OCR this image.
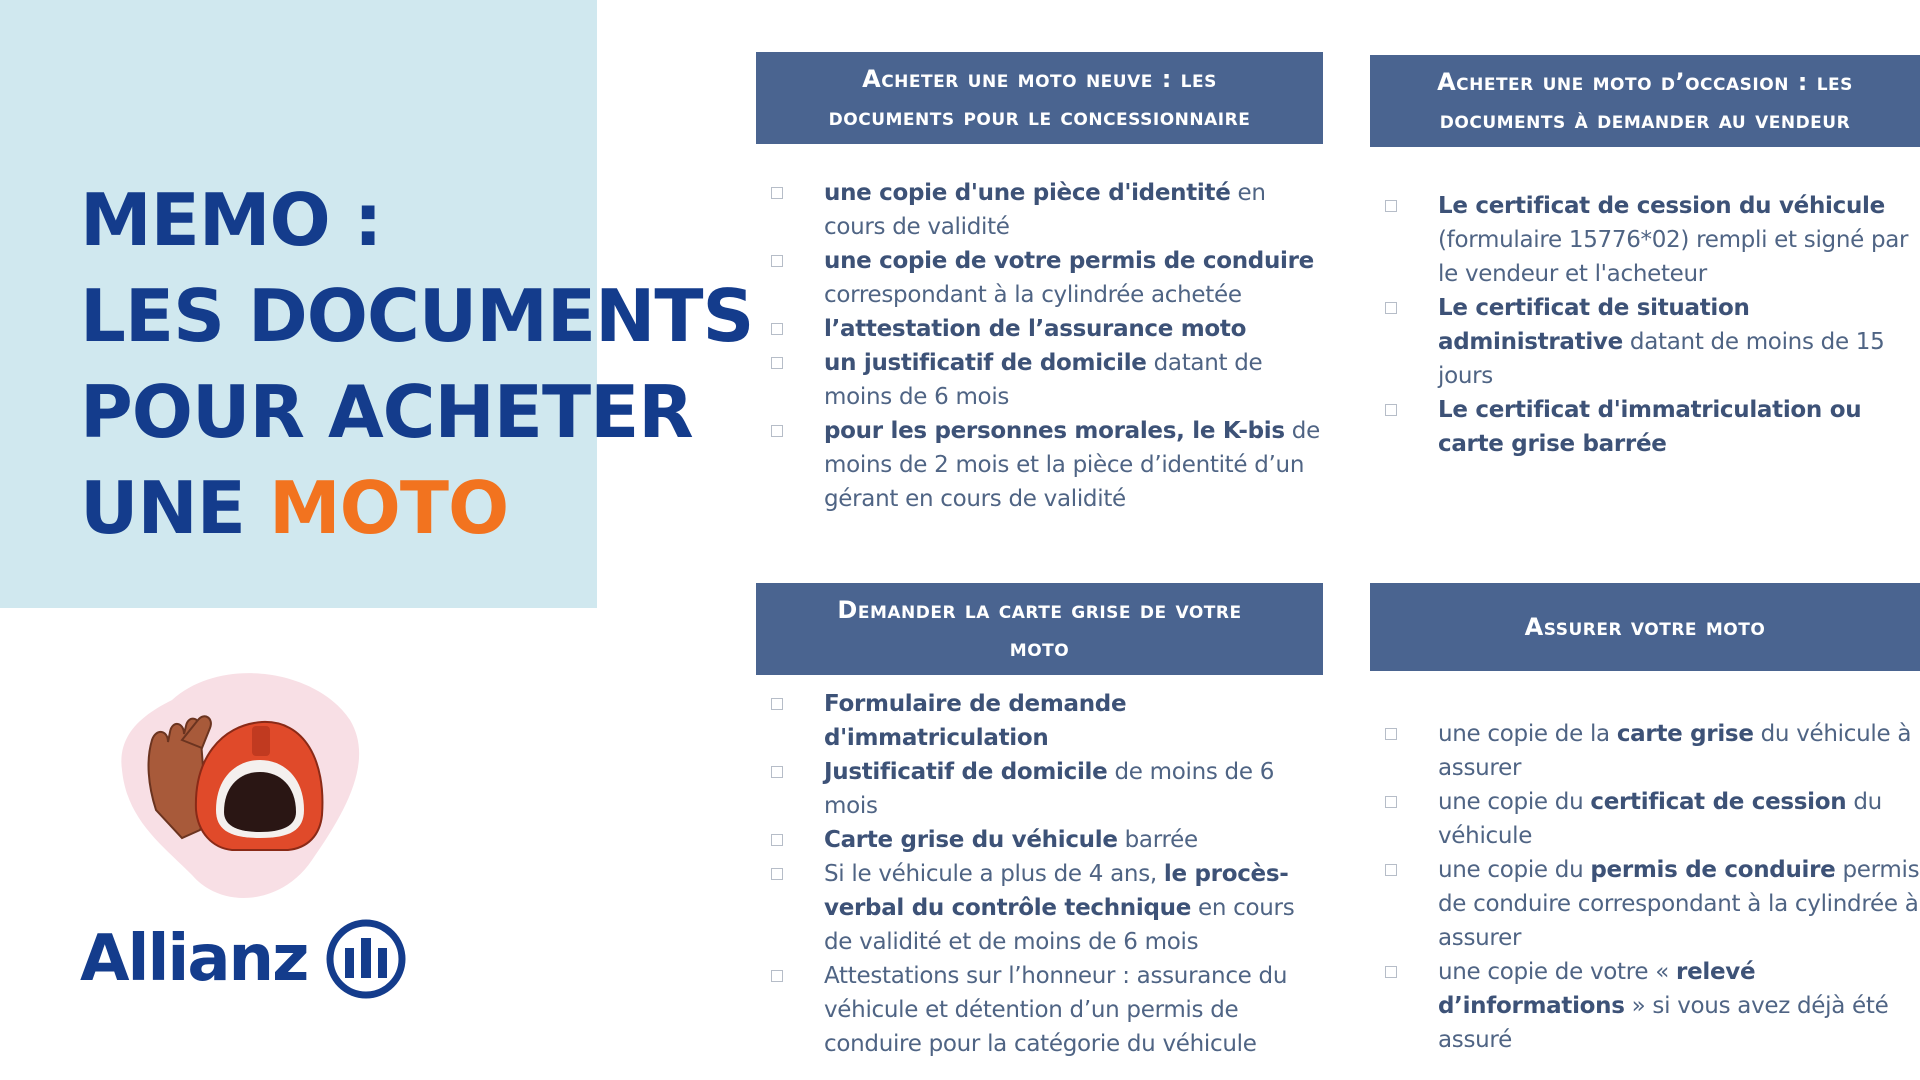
MEMO :
LES DOCUMENTS
POUR ACHETER
UNE MOTO
Allianz
Acheter une moto neuve : les
documents pour le concessionnaire
une copie d'une pièce d'identité en cours de validité
une copie de votre permis de conduire correspondant à la cylindrée achetée
l’attestation de l’assurance moto
un justificatif de domicile datant de moins de 6 mois
pour les personnes morales, le K-bis de moins de 2 mois et la pièce d’identité d’un gérant en cours de validité
Acheter une moto d’occasion : les
documents à demander au vendeur
Le certificat de cession du véhicule (formulaire 15776*02) rempli et signé par le vendeur et l'acheteur
Le certificat de situation administrative datant de moins de 15 jours
Le certificat d'immatriculation ou carte grise barrée
Demander la carte grise de votre
moto
Formulaire de demande d'immatriculation
Justificatif de domicile de moins de 6 mois
Carte grise du véhicule barrée
Si le véhicule a plus de 4 ans, le procès-verbal du contrôle technique en cours de validité et de moins de 6 mois
Attestations sur l’honneur : assurance du véhicule et détention d’un permis de conduire pour la catégorie du véhicule
Assurer votre moto
une copie de la carte grise du véhicule à assurer
une copie du certificat de cession du véhicule
une copie du permis de conduire permis de conduire correspondant à la cylindrée à assurer
une copie de votre « relevé d’informations » si vous avez déjà été assuré
